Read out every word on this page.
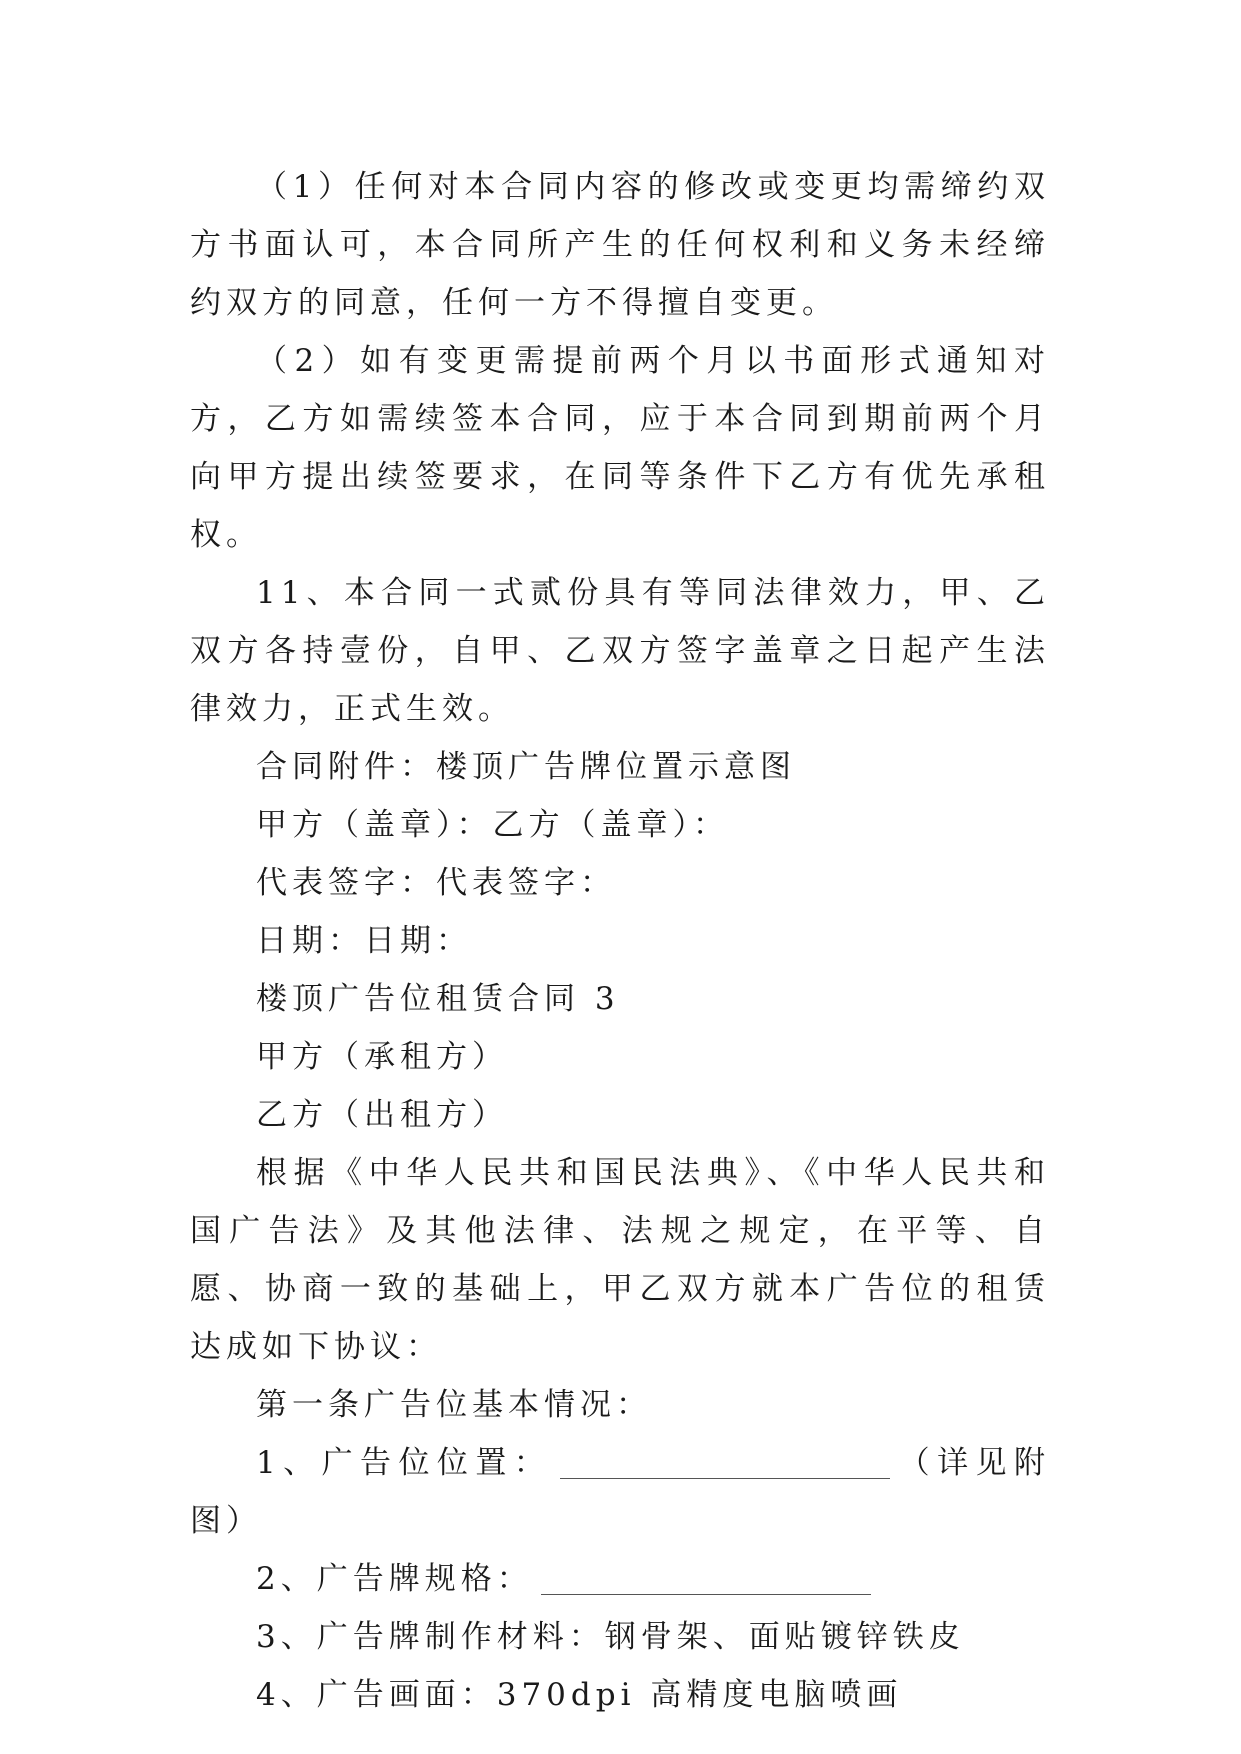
（1）任何对本合同内容的修改或变更均需缔约双方书面认可，本合同所产生的任何权利和义务未经缔约双方的同意，任何一方不得擅自变更。

（2）如有变更需提前两个月以书面形式通知对方，乙方如需续签本合同，应于本合同到期前两个月向甲方提出续签要求，在同等条件下乙方有优先承租权。

11、本合同一式贰份具有等同法律效力，甲、乙双方各持壹份，自甲、乙双方签字盖章之日起产生法律效力，正式生效。

合同附件：楼顶广告牌位置示意图

甲方（盖章）：乙方（盖章）：

代表签字：代表签字：

日期：日期：

楼顶广告位租赁合同 3

甲方（承租方）

乙方（出租方）

根据《中华人民共和国民法典》、《中华人民共和国广告法》及其他法律、法规之规定，在平等、自愿、协商一致的基础上，甲乙双方就本广告位的租赁达成如下协议：

第一条广告位基本情况：

1、广告位位置：	（详见附图）

2、广告牌规格：

3、广告牌制作材料：钢骨架、面贴镀锌铁皮

4、广告画面：370dpi 高精度电脑喷画
